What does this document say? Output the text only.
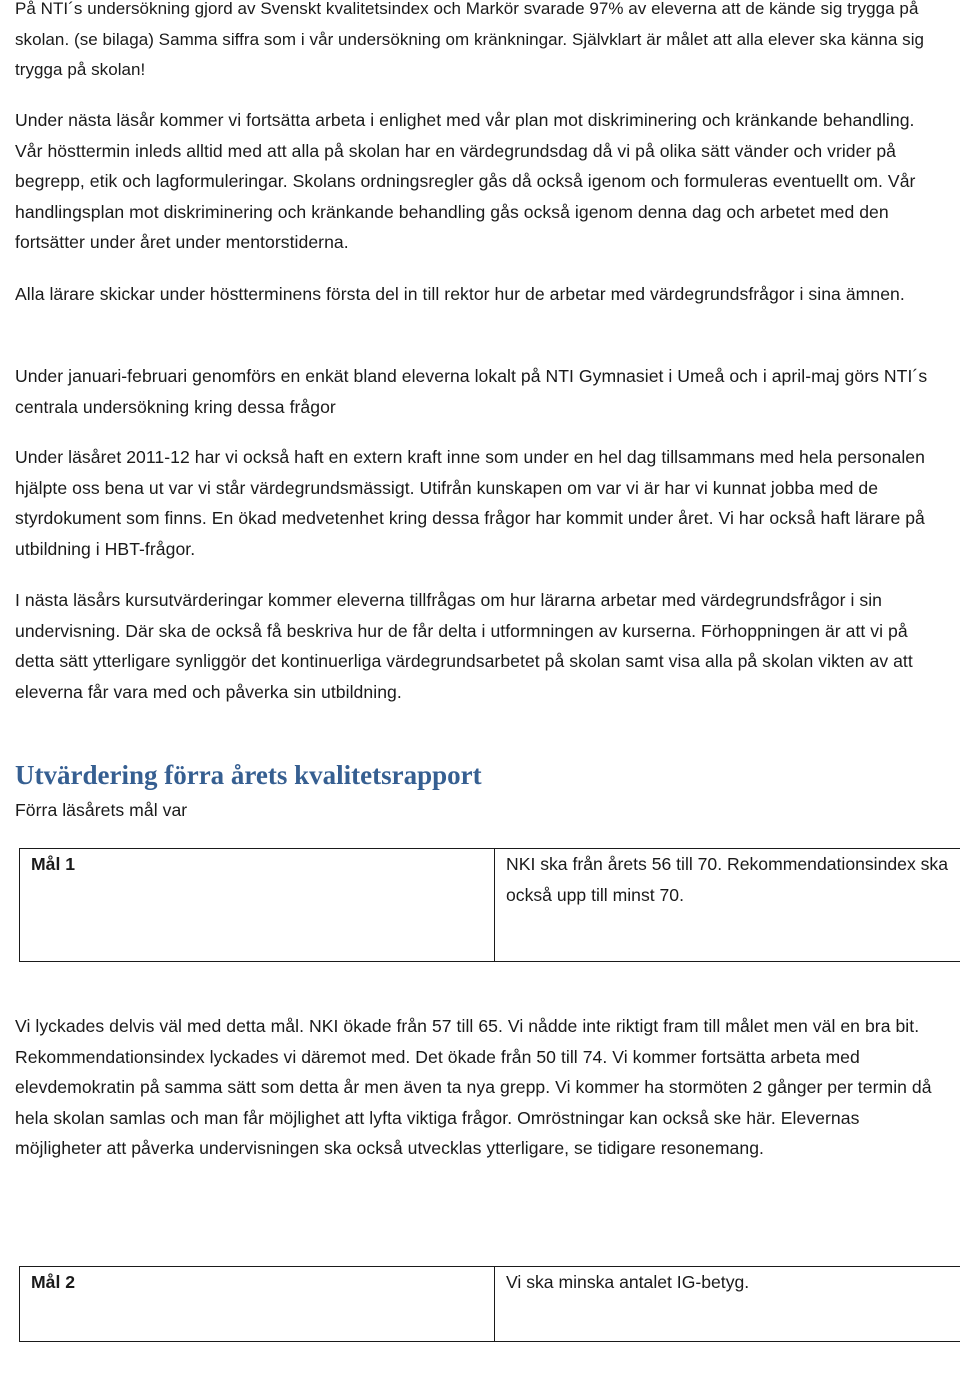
På NTI´s undersökning gjord av Svenskt kvalitetsindex och Markör svarade 97% av eleverna att de kände sig trygga på skolan. (se bilaga) Samma siffra som i vår undersökning om kränkningar. Självklart är målet att alla elever ska känna sig trygga på skolan!

Under nästa läsår kommer vi fortsätta arbeta i enlighet med vår plan mot diskriminering och kränkande behandling. Vår hösttermin inleds alltid med att alla på skolan har en värdegrundsdag då vi på olika sätt vänder och vrider på begrepp, etik och lagformuleringar. Skolans ordningsregler gås då också igenom och formuleras eventuellt om. Vår handlingsplan mot diskriminering och kränkande behandling gås också igenom denna dag och arbetet med den fortsätter under året under mentorstiderna.

Alla lärare skickar under höstterminens första del in till rektor hur de arbetar med värdegrundsfrågor i sina ämnen.

Under januari-februari genomförs en enkät bland eleverna lokalt på NTI Gymnasiet i Umeå och i april-maj görs NTI´s centrala undersökning kring dessa frågor

Under läsåret 2011-12 har vi också haft en extern kraft inne som under en hel dag tillsammans med hela personalen hjälpte oss bena ut var vi står värdegrundsmässigt. Utifrån kunskapen om var vi är har vi kunnat jobba med de styrdokument som finns. En ökad medvetenhet kring dessa frågor har kommit under året. Vi har också haft lärare på utbildning i HBT-frågor.

I nästa läsårs kursutvärderingar kommer eleverna tillfrågas om hur lärarna arbetar med värdegrundsfrågor i sin undervisning. Där ska de också få beskriva hur de får delta i utformningen av kurserna. Förhoppningen är att vi på detta sätt ytterligare synliggör det kontinuerliga värdegrundsarbetet på skolan samt visa alla på skolan vikten av att eleverna får vara med och påverka sin utbildning.

Utvärdering förra årets kvalitetsrapport

Förra läsårets mål var

Mål 1	NKI ska från årets 56 till 70. Rekommendationsindex ska också upp till minst 70.

Vi lyckades delvis väl med detta mål. NKI ökade från 57 till 65. Vi nådde inte riktigt fram till målet men väl en bra bit. Rekommendationsindex lyckades vi däremot med. Det ökade från 50 till 74. Vi kommer fortsätta arbeta med elevdemokratin på samma sätt som detta år men även ta nya grepp. Vi kommer ha stormöten 2 gånger per termin då hela skolan samlas och man får möjlighet att lyfta viktiga frågor. Omröstningar kan också ske här. Elevernas möjligheter att påverka undervisningen ska också utvecklas ytterligare, se tidigare resonemang.

Mål 2	Vi ska minska antalet IG-betyg.
